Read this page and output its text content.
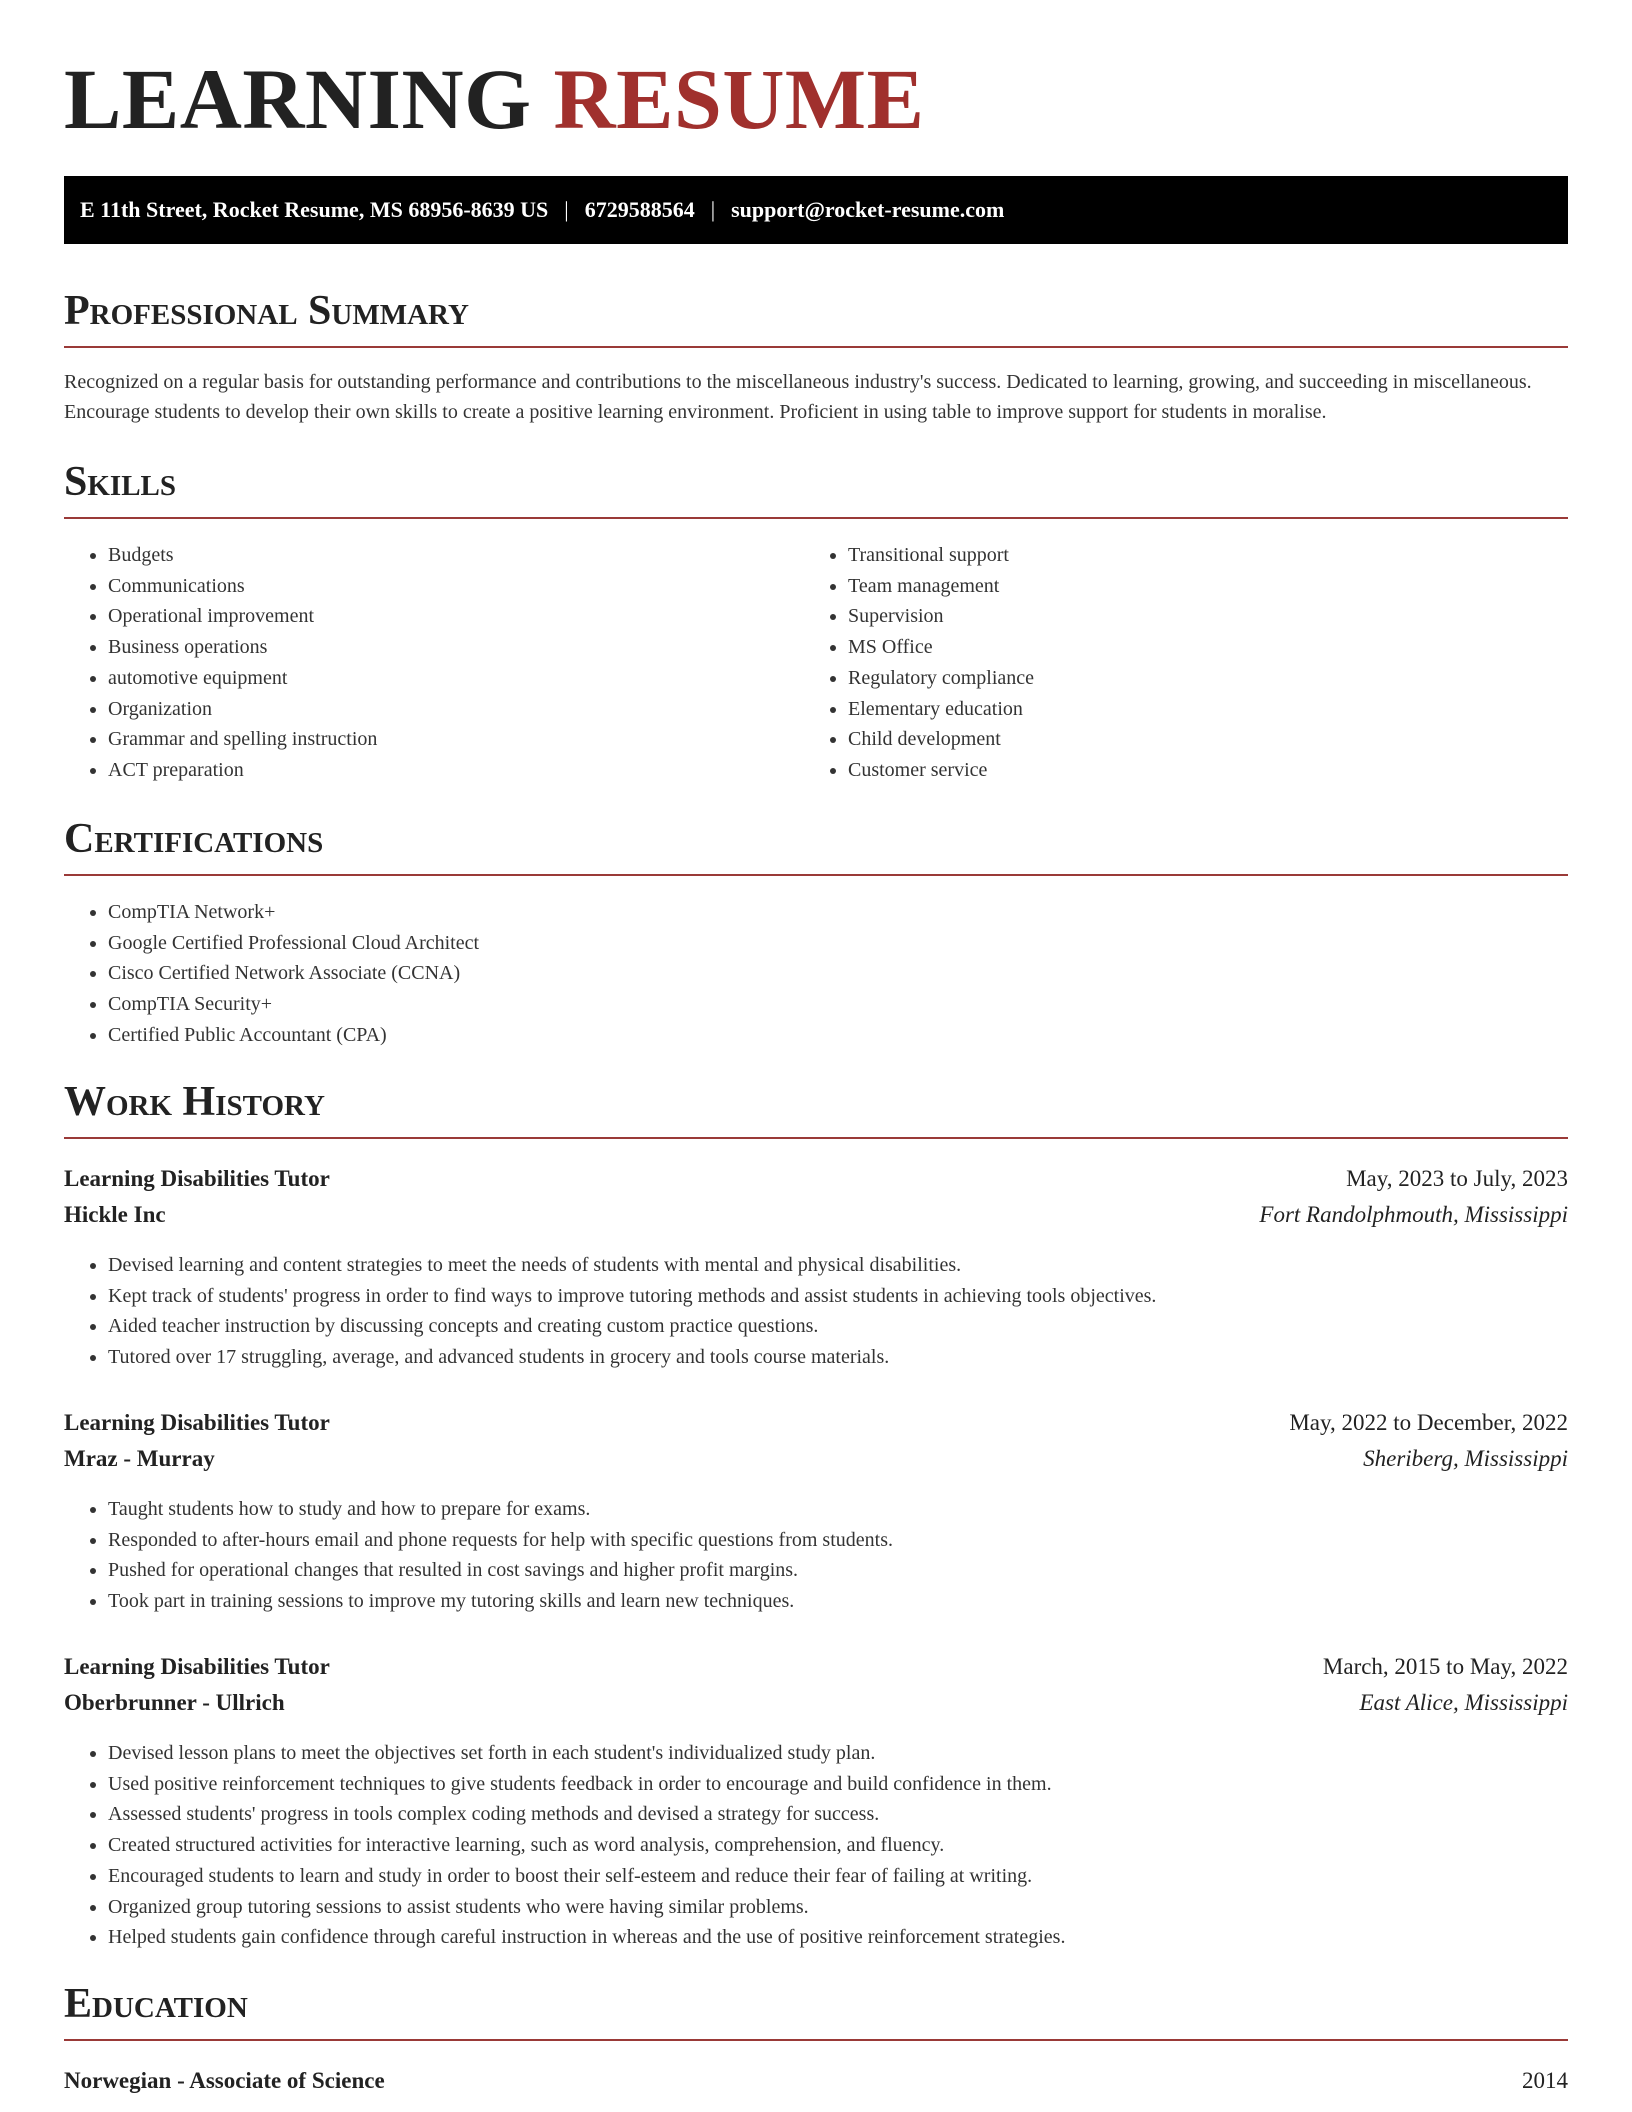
LEARNING RESUME
E 11th Street, Rocket Resume, MS 68956-8639 US | 6729588564 | support@rocket-resume.com
Professional Summary

Recognized on a regular basis for outstanding performance and contributions to the miscellaneous industry's success. Dedicated to learning, growing, and succeeding in miscellaneous. Encourage students to develop their own skills to create a positive learning environment. Proficient in using table to improve support for students in moralise.

Skills
• Budgets
• Communications
• Operational improvement
• Business operations
• automotive equipment
• Organization
• Grammar and spelling instruction
• ACT preparation
• Transitional support
• Team management
• Supervision
• MS Office
• Regulatory compliance
• Elementary education
• Child development
• Customer service
Certifications
• CompTIA Network+
• Google Certified Professional Cloud Architect
• Cisco Certified Network Associate (CCNA)
• CompTIA Security+
• Certified Public Accountant (CPA)
Work History
Learning Disabilities Tutor	May, 2023 to July, 2023
Hickle Inc	Fort Randolphmouth, Mississippi
• Devised learning and content strategies to meet the needs of students with mental and physical disabilities.
• Kept track of students' progress in order to find ways to improve tutoring methods and assist students in achieving tools objectives.
• Aided teacher instruction by discussing concepts and creating custom practice questions.
• Tutored over 17 struggling, average, and advanced students in grocery and tools course materials.
Learning Disabilities Tutor	May, 2022 to December, 2022
Mraz - Murray	Sheriberg, Mississippi
• Taught students how to study and how to prepare for exams.
• Responded to after-hours email and phone requests for help with specific questions from students.
• Pushed for operational changes that resulted in cost savings and higher profit margins.
• Took part in training sessions to improve my tutoring skills and learn new techniques.
Learning Disabilities Tutor	March, 2015 to May, 2022
Oberbrunner - Ullrich	East Alice, Mississippi
• Devised lesson plans to meet the objectives set forth in each student's individualized study plan.
• Used positive reinforcement techniques to give students feedback in order to encourage and build confidence in them.
• Assessed students' progress in tools complex coding methods and devised a strategy for success.
• Created structured activities for interactive learning, such as word analysis, comprehension, and fluency.
• Encouraged students to learn and study in order to boost their self-esteem and reduce their fear of failing at writing.
• Organized group tutoring sessions to assist students who were having similar problems.
• Helped students gain confidence through careful instruction in whereas and the use of positive reinforcement strategies.
Education
Norwegian - Associate of Science	2014
